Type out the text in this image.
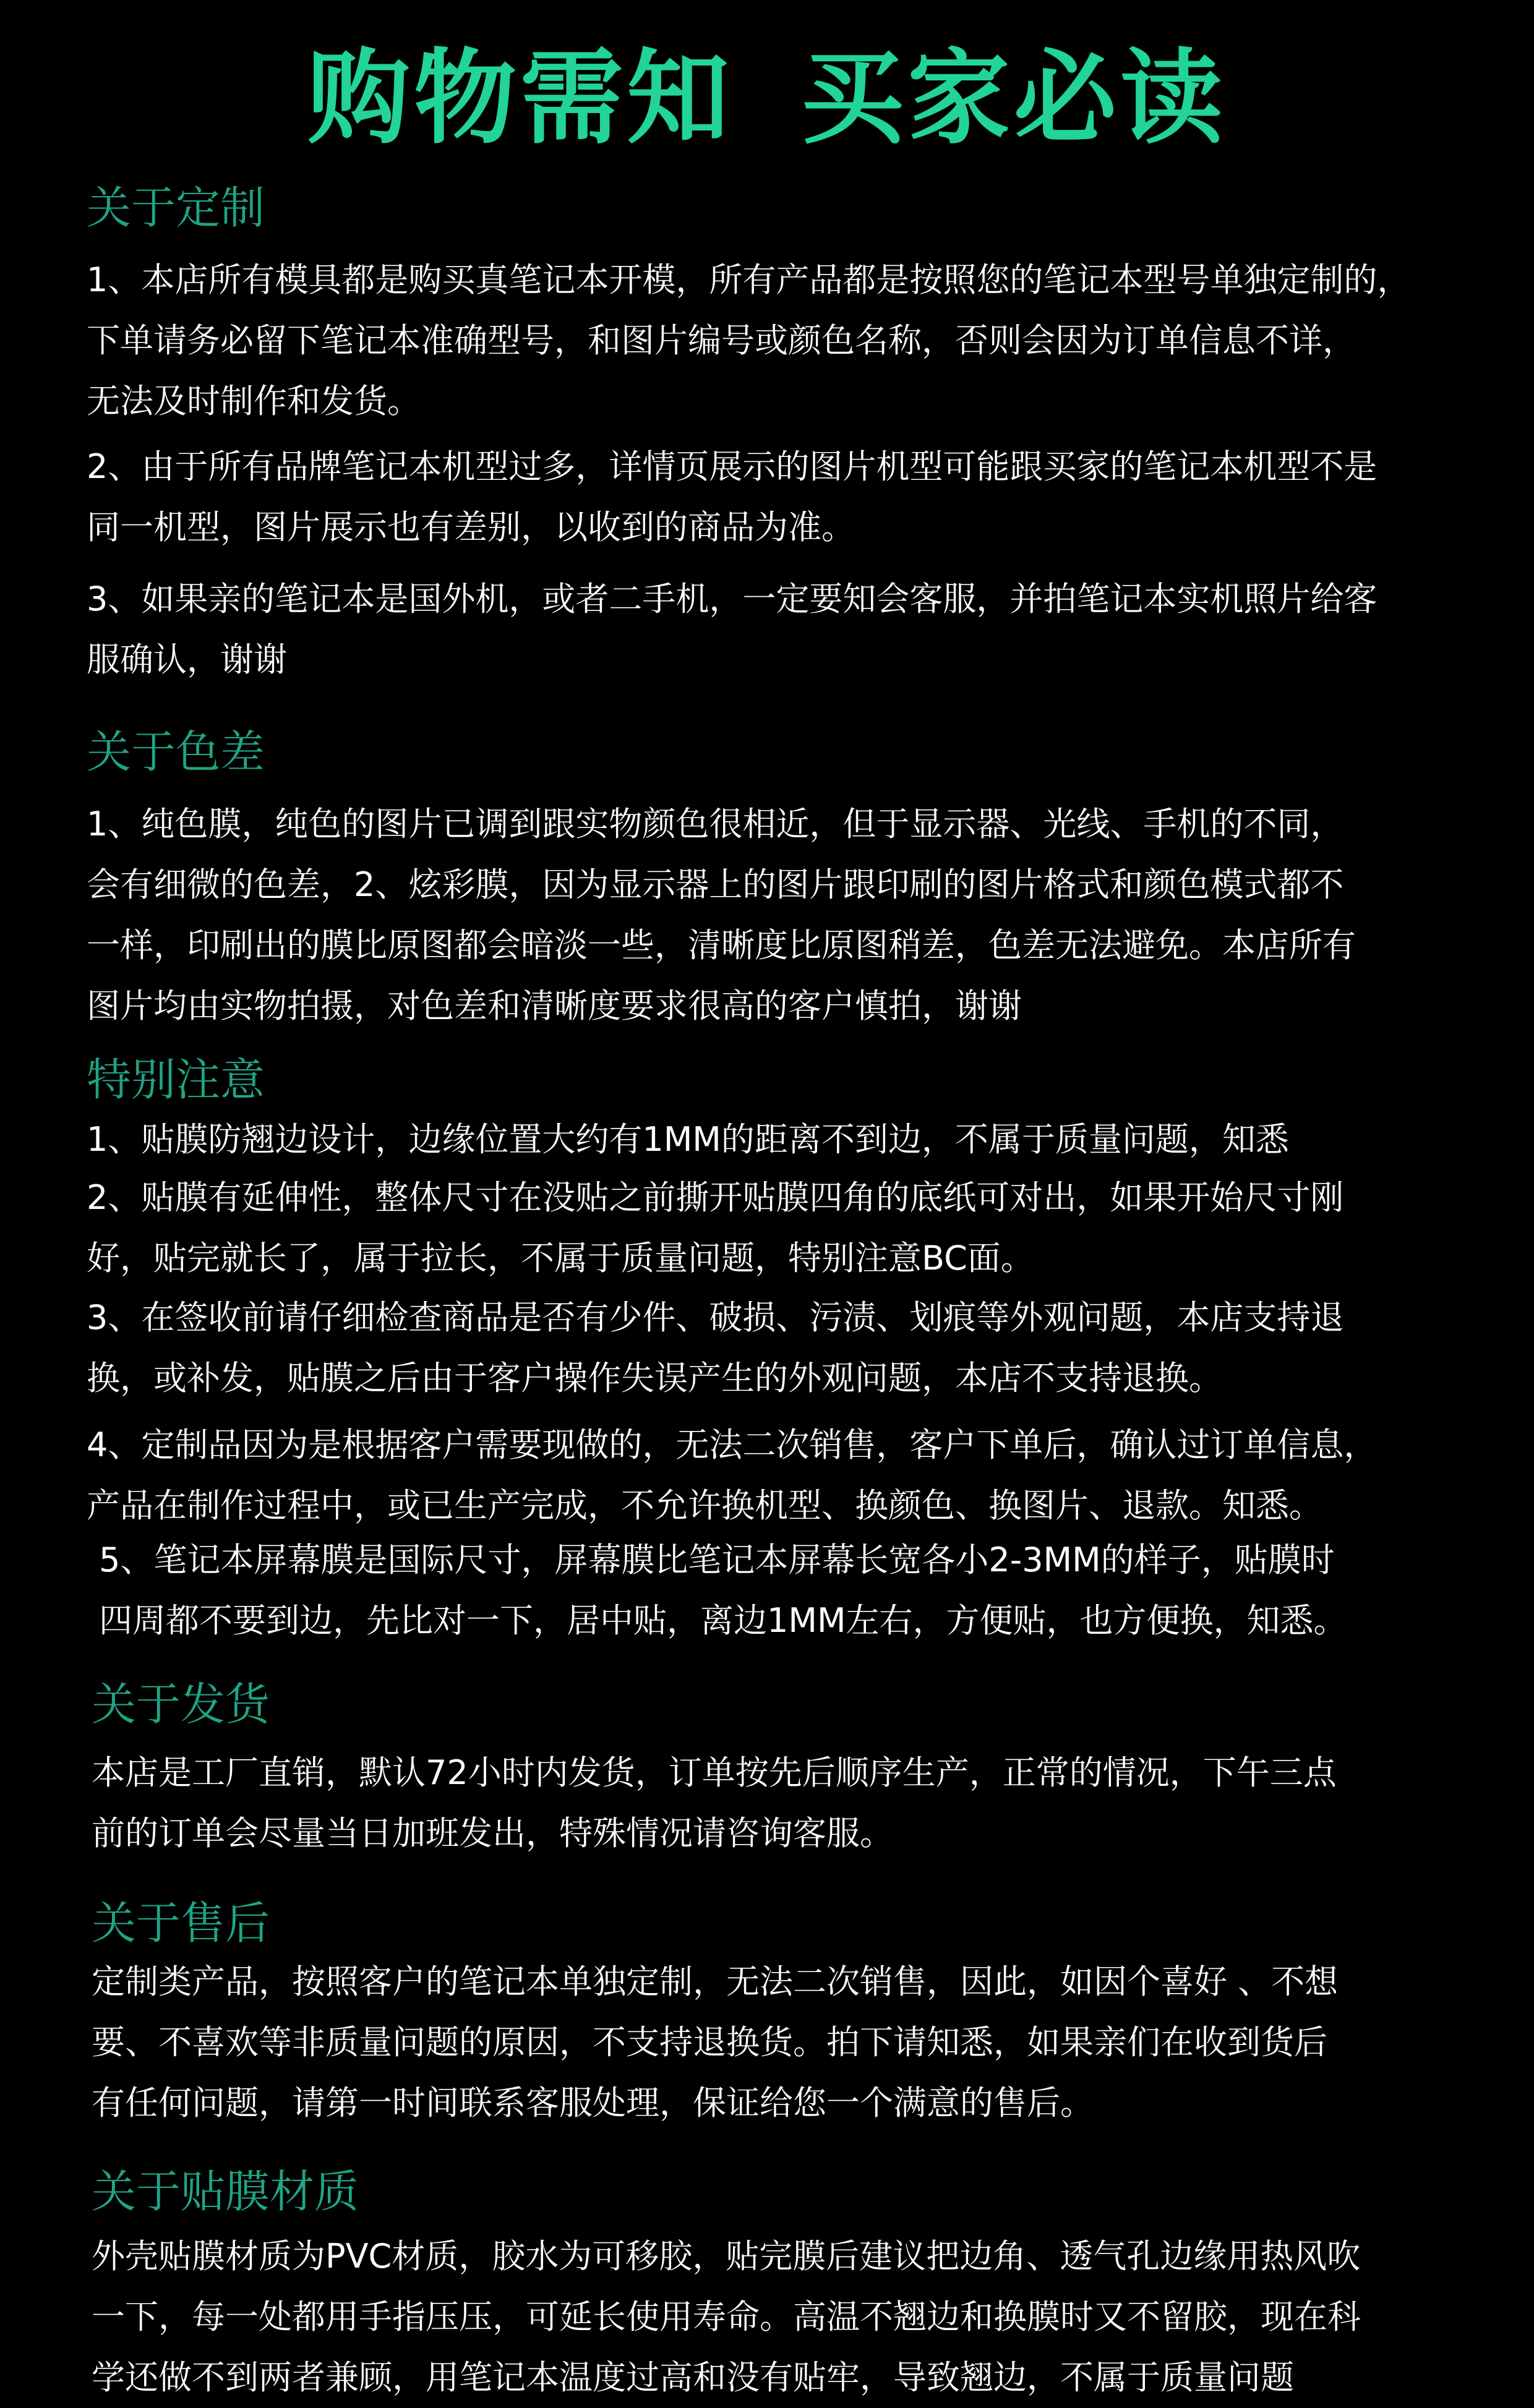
购物需知 买家必读
关于定制
1、本店所有模具都是购买真笔记本开模，所有产品都是按照您的笔记本型号单独定制的，
下单请务必留下笔记本准确型号，和图片编号或颜色名称，否则会因为订单信息不详，
无法及时制作和发货。
2、由于所有品牌笔记本机型过多，详情页展示的图片机型可能跟买家的笔记本机型不是
同一机型，图片展示也有差别，以收到的商品为准。
3、如果亲的笔记本是国外机，或者二手机，一定要知会客服，并拍笔记本实机照片给客
服确认，谢谢
关于色差
1、纯色膜，纯色的图片已调到跟实物颜色很相近，但于显示器、光线、手机的不同，
会有细微的色差，2、炫彩膜，因为显示器上的图片跟印刷的图片格式和颜色模式都不
一样，印刷出的膜比原图都会暗淡一些，清晰度比原图稍差，色差无法避免。本店所有
图片均由实物拍摄，对色差和清晰度要求很高的客户慎拍，谢谢
特别注意
1、贴膜防翘边设计，边缘位置大约有1MM的距离不到边，不属于质量问题，知悉
2、贴膜有延伸性，整体尺寸在没贴之前撕开贴膜四角的底纸可对出，如果开始尺寸刚
好，贴完就长了，属于拉长，不属于质量问题，特别注意BC面。
3、在签收前请仔细检查商品是否有少件、破损、污渍、划痕等外观问题，本店支持退
换，或补发，贴膜之后由于客户操作失误产生的外观问题，本店不支持退换。
4、定制品因为是根据客户需要现做的，无法二次销售，客户下单后，确认过订单信息，
产品在制作过程中，或已生产完成，不允许换机型、换颜色、换图片、退款。知悉。
5、笔记本屏幕膜是国际尺寸，屏幕膜比笔记本屏幕长宽各小2-3MM的样子，贴膜时
四周都不要到边，先比对一下，居中贴，离边1MM左右，方便贴，也方便换，知悉。
关于发货
本店是工厂直销，默认72小时内发货，订单按先后顺序生产，正常的情况，下午三点
前的订单会尽量当日加班发出，特殊情况请咨询客服。
关于售后
定制类产品，按照客户的笔记本单独定制，无法二次销售，因此，如因个喜好 、不想
要、不喜欢等非质量问题的原因，不支持退换货。拍下请知悉，如果亲们在收到货后
有任何问题，请第一时间联系客服处理，保证给您一个满意的售后。
关于贴膜材质
外壳贴膜材质为PVC材质，胶水为可移胶，贴完膜后建议把边角、透气孔边缘用热风吹
一下，每一处都用手指压压，可延长使用寿命。高温不翘边和换膜时又不留胶，现在科
学还做不到两者兼顾，用笔记本温度过高和没有贴牢，导致翘边，不属于质量问题
